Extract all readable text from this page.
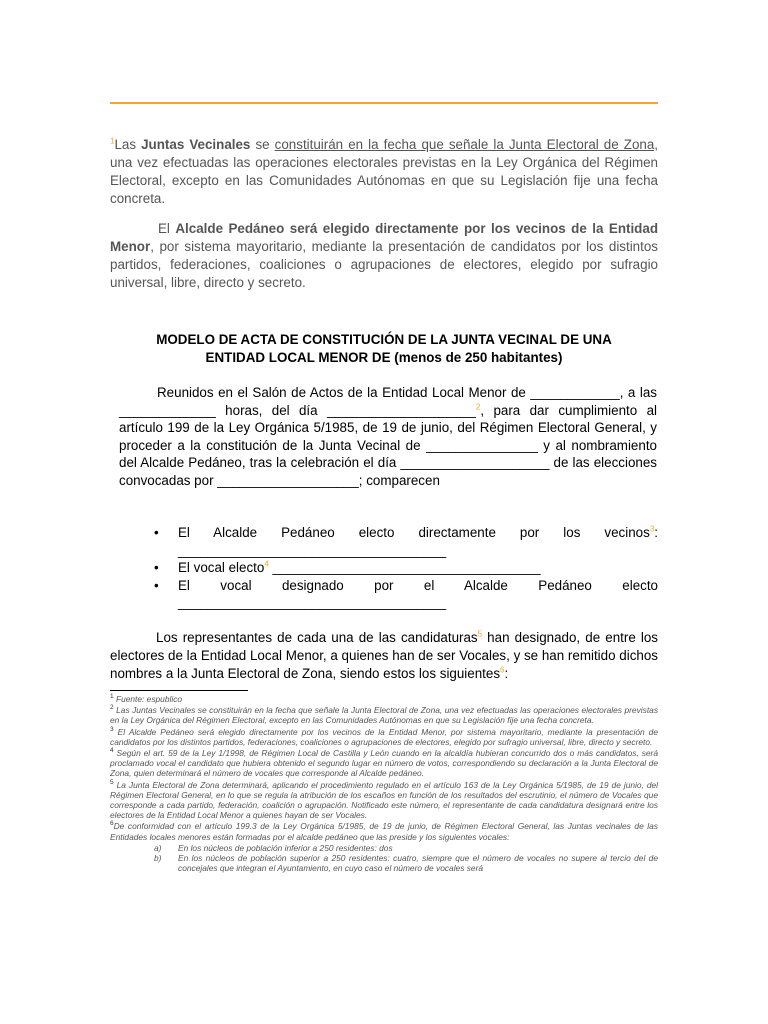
$^1$Las Juntas Vecinales se constituirán en la fecha que señale la Junta Electoral de Zona, una vez efectuadas las operaciones electorales previstas en la Ley Orgánica del Régimen Electoral, excepto en las Comunidades Autónomas en que su Legislación fije una fecha concreta.

El Alcalde Pedáneo será elegido directamente por los vecinos de la Entidad Menor, por sistema mayoritario, mediante la presentación de candidatos por los distintos partidos, federaciones, coaliciones o agrupaciones de electores, elegido por sufragio universal, libre, directo y secreto.

MODELO DE ACTA DE CONSTITUCIÓN DE LA JUNTA VECINAL DE UNA ENTIDAD LOCAL MENOR DE (menos de 250 habitantes)

Reunidos en el Salón de Actos de la Entidad Local Menor de ____________, a las _____________ horas, del día ____________________$^2$, para dar cumplimiento al artículo 199 de la Ley Orgánica 5/1985, de 19 de junio, del Régimen Electoral General, y proceder a la constitución de la Junta Vecinal de _______________ y al nombramiento del Alcalde Pedáneo, tras la celebración el día ____________________ de las elecciones convocadas por ___________________; comparecen

• El Alcalde Pedáneo electo directamente por los vecinos$^3$: ____________________________________
• El vocal electo$^4$ ____________________________________
• El vocal designado por el Alcalde Pedáneo electo ____________________________________

Los representantes de cada una de las candidaturas$^5$ han designado, de entre los electores de la Entidad Local Menor, a quienes han de ser Vocales, y se han remitido dichos nombres a la Junta Electoral de Zona, siendo estos los siguientes$^6$:

$^1$ Fuente: espublico

$^2$ Las Juntas Vecinales se constituirán en la fecha que señale la Junta Electoral de Zona, una vez efectuadas las operaciones electorales previstas en la Ley Orgánica del Régimen Electoral, excepto en las Comunidades Autónomas en que su Legislación fije una fecha concreta.

$^3$ El Alcalde Pedáneo será elegido directamente por los vecinos de la Entidad Menor, por sistema mayoritario, mediante la presentación de candidatos por los distintos partidos, federaciones, coaliciones o agrupaciones de electores, elegido por sufragio universal, libre, directo y secreto.

$^4$ Según el art. 59 de la Ley 1/1998, de Régimen Local de Castilla y León cuando en la alcaldía hubieran concurrido dos o más candidatos, será proclamado vocal el candidato que hubiera obtenido el segundo lugar en número de votos, correspondiendo su declaración a la Junta Electoral de Zona, quien determinará el número de vocales que corresponde al Alcalde pedáneo.

$^5$ La Junta Electoral de Zona determinará, aplicando el procedimiento regulado en el artículo 163 de la Ley Orgánica 5/1985, de 19 de junio, del Régimen Electoral General, en lo que se regula la atribución de los escaños en función de los resultados del escrutinio, el número de Vocales que corresponde a cada partido, federación, coalición o agrupación. Notificado este número, el representante de cada candidatura designará entre los electores de la Entidad Local Menor a quienes hayan de ser Vocales.

$^6$De conformidad con el artículo 199.3 de la Ley Orgánica 5/1985, de 19 de junio, de Régimen Electoral General, las Juntas vecinales de las Entidades locales menores están formadas por el alcalde pedáneo que las preside y los siguientes vocales:

a)	En los núcleos de población inferior a 250 residentes: dos
b)	En los núcleos de población superior a 250 residentes: cuatro, siempre que el número de vocales no supere al tercio del de concejales que integran el Ayuntamiento, en cuyo caso el número de vocales será
